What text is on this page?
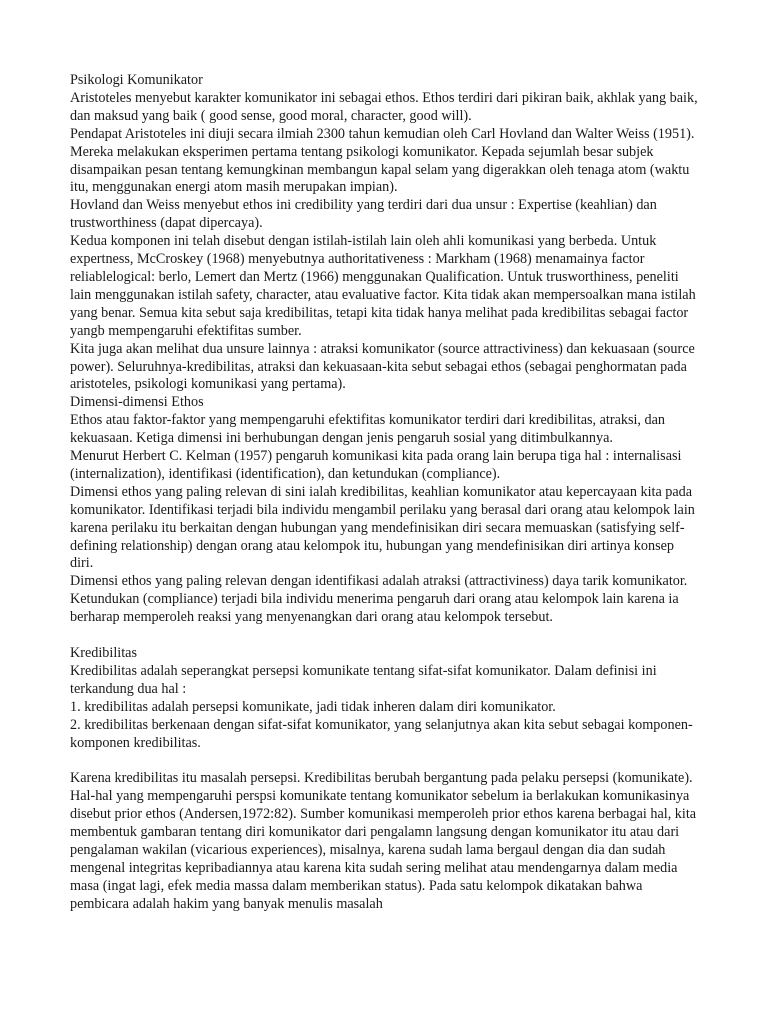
Psikologi Komunikator

Aristoteles menyebut karakter komunikator ini sebagai ethos. Ethos terdiri dari pikiran baik, akhlak yang baik, dan maksud yang baik ( good sense, good moral, character, good will).

Pendapat Aristoteles ini diuji secara ilmiah 2300 tahun kemudian oleh Carl Hovland dan Walter Weiss (1951). Mereka melakukan eksperimen pertama tentang psikologi komunikator. Kepada sejumlah besar subjek disampaikan pesan tentang kemungkinan membangun kapal selam yang digerakkan oleh tenaga atom (waktu itu, menggunakan energi atom masih merupakan impian).

Hovland dan Weiss menyebut ethos ini credibility yang terdiri dari dua unsur : Expertise (keahlian) dan trustworthiness (dapat dipercaya).

Kedua komponen ini telah disebut dengan istilah-istilah lain oleh ahli komunikasi yang berbeda. Untuk expertness, McCroskey (1968) menyebutnya authoritativeness : Markham (1968) menamainya factor reliablelogical: berlo, Lemert dan Mertz (1966) menggunakan Qualification. Untuk trusworthiness, peneliti lain menggunakan istilah safety, character, atau evaluative factor. Kita tidak akan mempersoalkan mana istilah yang benar. Semua kita sebut saja kredibilitas, tetapi kita tidak hanya melihat pada kredibilitas sebagai factor yangb mempengaruhi efektifitas sumber.

Kita juga akan melihat dua unsure lainnya : atraksi komunikator (source attractiviness) dan kekuasaan (source power). Seluruhnya-kredibilitas, atraksi dan kekuasaan-kita sebut sebagai ethos (sebagai penghormatan pada aristoteles, psikologi komunikasi yang pertama).

Dimensi-dimensi Ethos

Ethos atau faktor-faktor yang mempengaruhi efektifitas komunikator terdiri dari kredibilitas, atraksi, dan kekuasaan. Ketiga dimensi ini berhubungan dengan jenis pengaruh sosial yang ditimbulkannya.

Menurut Herbert C. Kelman (1957) pengaruh komunikasi kita pada orang lain berupa tiga hal : internalisasi (internalization), identifikasi (identification), dan ketundukan (compliance).

Dimensi ethos yang paling relevan di sini ialah kredibilitas, keahlian komunikator atau kepercayaan kita pada komunikator. Identifikasi terjadi bila individu mengambil perilaku yang berasal dari orang atau kelompok lain karena perilaku itu berkaitan dengan hubungan yang mendefinisikan diri secara memuaskan (satisfying self-defining relationship) dengan orang atau kelompok itu, hubungan yang mendefinisikan diri artinya konsep diri.

Dimensi ethos yang paling relevan dengan identifikasi adalah atraksi (attractiviness) daya tarik komunikator. Ketundukan (compliance) terjadi bila individu menerima pengaruh dari orang atau kelompok lain karena ia berharap memperoleh reaksi yang menyenangkan dari orang atau kelompok tersebut.

Kredibilitas

Kredibilitas adalah seperangkat persepsi komunikate tentang sifat-sifat komunikator. Dalam definisi ini terkandung dua hal :

1. kredibilitas adalah persepsi komunikate, jadi tidak inheren dalam diri komunikator.

2. kredibilitas berkenaan dengan sifat-sifat komunikator, yang selanjutnya akan kita sebut sebagai komponen-komponen kredibilitas.

Karena kredibilitas itu masalah persepsi. Kredibilitas berubah bergantung pada pelaku persepsi (komunikate).

Hal-hal yang mempengaruhi perspsi komunikate tentang komunikator sebelum ia berlakukan komunikasinya disebut prior ethos (Andersen,1972:82). Sumber komunikasi memperoleh prior ethos karena berbagai hal, kita membentuk gambaran tentang diri komunikator dari pengalamn langsung dengan komunikator itu atau dari pengalaman wakilan (vicarious experiences), misalnya, karena sudah lama bergaul dengan dia dan sudah mengenal integritas kepribadiannya atau karena kita sudah sering melihat atau mendengarnya dalam media masa (ingat lagi, efek media massa dalam memberikan status). Pada satu kelompok dikatakan bahwa pembicara adalah hakim yang banyak menulis masalah
